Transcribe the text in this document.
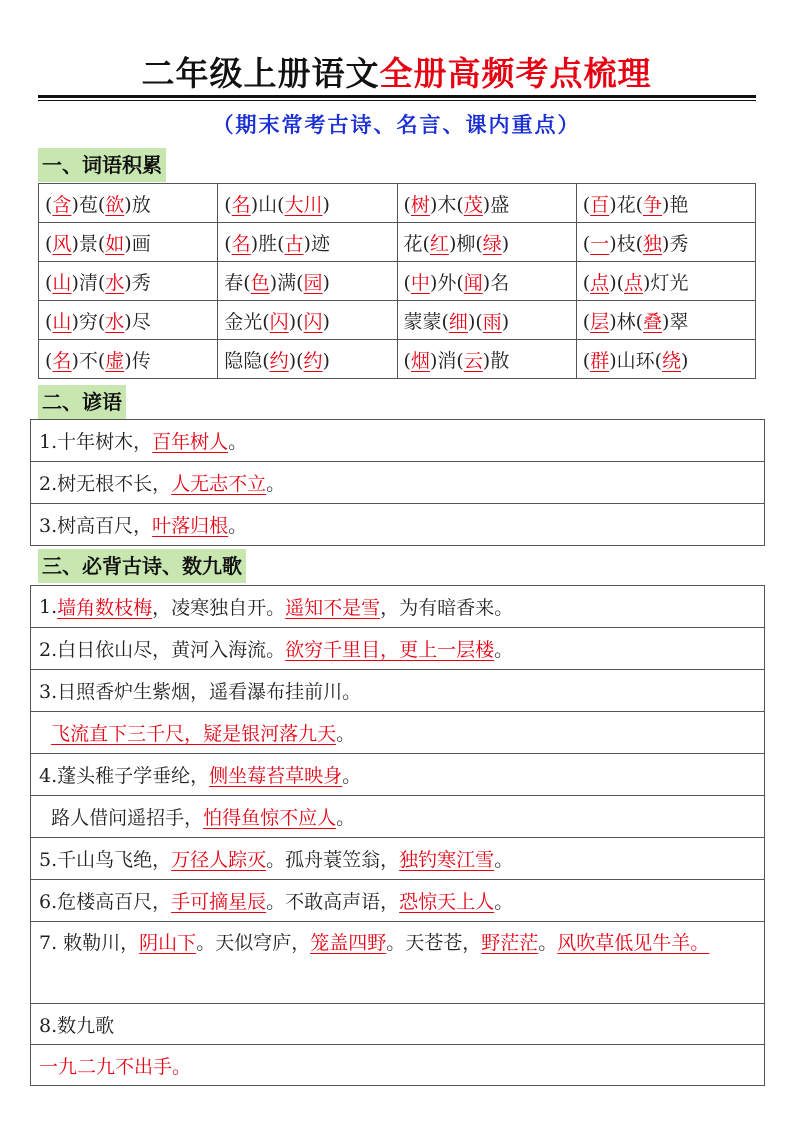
二年级上册语文全册高频考点梳理
（期末常考古诗、名言、课内重点）
一、词语积累
(含)苞(欲)放	(名)山(大川)	(树)木(茂)盛	(百)花(争)艳
(风)景(如)画	(名)胜(古)迹	花(红)柳(绿)	(一)枝(独)秀
(山)清(水)秀	春(色)满(园)	(中)外(闻)名	(点)(点)灯光
(山)穷(水)尽	金光(闪)(闪)	蒙蒙(细)(雨)	(层)林(叠)翠
(名)不(虚)传	隐隐(约)(约)	(烟)消(云)散	(群)山环(绕)
二、谚语
1.十年树木， 百年树人 。
2.树无根不长， 人无志不立 。
3.树高百尺， 叶落归根 。
三、必背古诗、数九歌
1. 墙角数枝梅 ，凌寒独自开。 遥知不是雪 ，为有暗香来。
2.白日依山尽，黄河入海流。 欲穷千里目，更上一层楼 。
3.日照香炉生紫烟，遥看瀑布挂前川。

飞流直下三千尺，疑是银河落九天 。
4.蓬头稚子学垂纶， 侧坐莓苔草映身 。
路人借问遥招手， 怕得鱼惊不应人 。
5.千山鸟飞绝， 万径人踪灭 。孤舟蓑笠翁， 独钓寒江雪 。
6.危楼高百尺， 手可摘星辰 。不敢高声语， 恐惊天上人 。
7. 敕勒川， 阴山下 。天似穹庐， 笼盖四野 。天苍苍， 野茫茫 。 风吹草低见牛羊。
8.数九歌
一九二九不出手。
